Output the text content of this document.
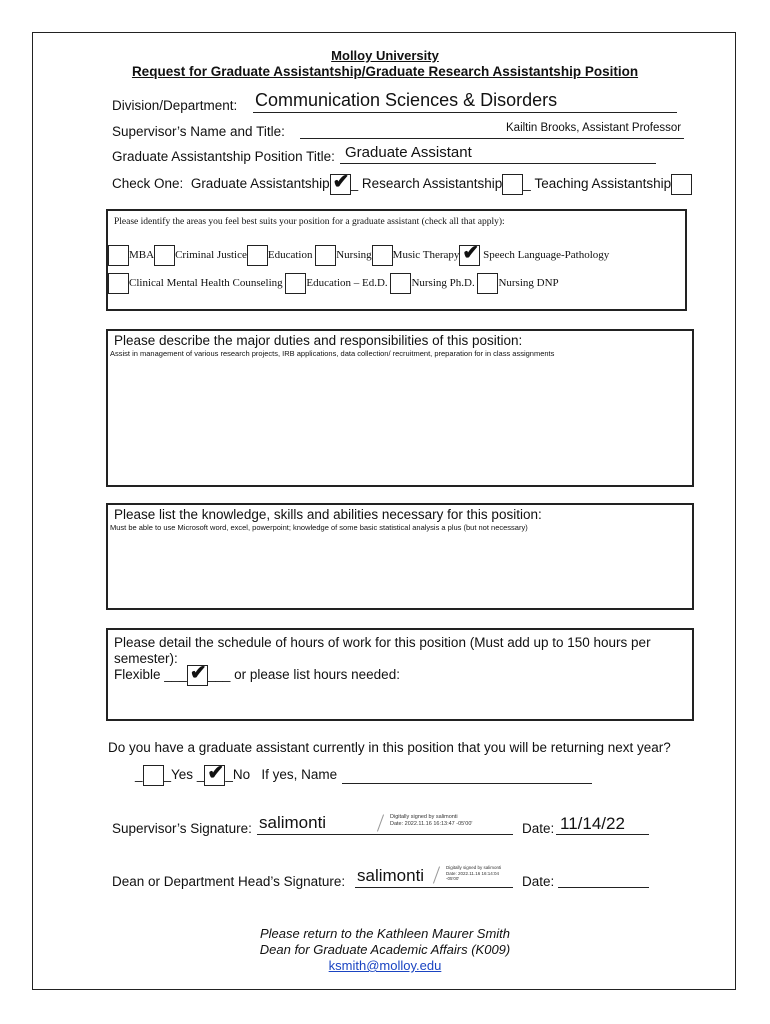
Molloy University
Request for Graduate Assistantship/Graduate Research Assistantship Position
Division/Department: Communication Sciences & Disorders
Supervisor’s Name and Title:	Kailtin Brooks, Assistant Professor
Graduate Assistantship Position Title: Graduate Assistant
Check One: Graduate Assistantship ✔ _ Research Assistantship _ Teaching Assistantship
Please identify the areas you feel best suits your position for a graduate assistant (check all that apply):
MBA Criminal Justice Education Nursing Music Therapy ✔ Speech Language-Pathology
Clinical Mental Health Counseling Education – Ed.D. Nursing Ph.D. Nursing DNP
Please describe the major duties and responsibilities of this position:
Assist in management of various research projects, IRB applications, data collection/ recruitment, preparation for in class assignments
Please list the knowledge, skills and abilities necessary for this position:
Must be able to use Microsoft word, excel, powerpoint; knowledge of some basic statistical analysis a plus (but not necessary)
Please detail the schedule of hours of work for this position (Must add up to 150 hours per
semester):
Flexible ___ ✔ ___ or please list hours needed:
Do you have a graduate assistant currently in this position that you will be returning next year?
_ _Yes _ ✔ _No If yes, Name
Supervisor’s Signature: salimonti	Digitally signed by salimonti
Date: 2022.11.16 16:13:47 -05'00'	Date: 11/14/22
Dean or Department Head’s Signature: salimonti	Digitally signed by salimonti
Date: 2022.11.16 16:14:04
-05'00'	Date:
Please return to the Kathleen Maurer Smith
Dean for Graduate Academic Affairs (K009)
ksmith@molloy.edu
